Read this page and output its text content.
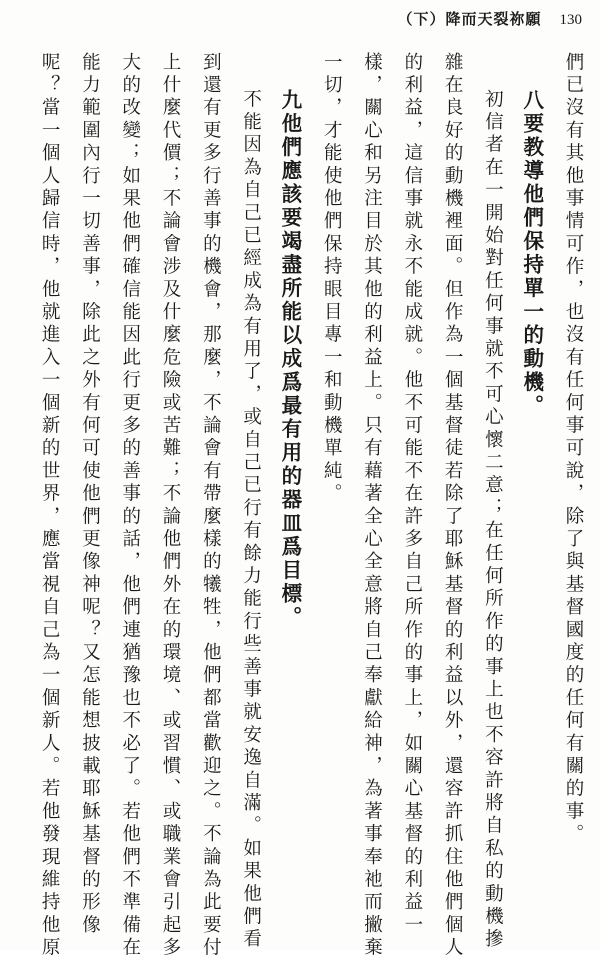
（下）降而天裂祢願 130

們已沒有其他事情可作，也沒有任何事可說，除了與基督國度的任何有關的事。

八要教導他們保持單一的動機。

初信者在一開始對任何事就不可心懷二意；在任何所作的事上也不容許將自私的動機摻

雜在良好的動機裡面。但作為一個基督徒若除了耶穌基督的利益以外，還容許抓住他們個人

的利益，這信事就永不能成就。他不可能不在許多自己所作的事上，如關心基督的利益一

樣，關心和另注目於其他的利益上。只有藉著全心全意將自己奉獻給神，為著事奉祂而撇棄

一切，才能使他們保持眼目專一和動機單純。

九他們應該要竭盡所能以成爲最有用的器皿爲目標。

不能因為自己已經成為有用了，或自己已行有餘力能行些善事就安逸自滿。如果他們看

到還有更多行善事的機會，那麼，不論會有帶麼樣的犧牲，他們都當歡迎之。不論為此要付

上什麼代價；不論會涉及什麼危險或苦難；不論他們外在的環境、或習慣、或職業會引起多

大的改變；如果他們確信能因此行更多的善事的話，他們連猶豫也不必了。若他們不準備在

能力範圍內行一切善事，除此之外有何可使他們更像神呢？又怎能想披載耶穌基督的形像

呢？當一個人歸信時，他就進入一個新的世界，應當視自己為一個新人。若他發現維持他原
